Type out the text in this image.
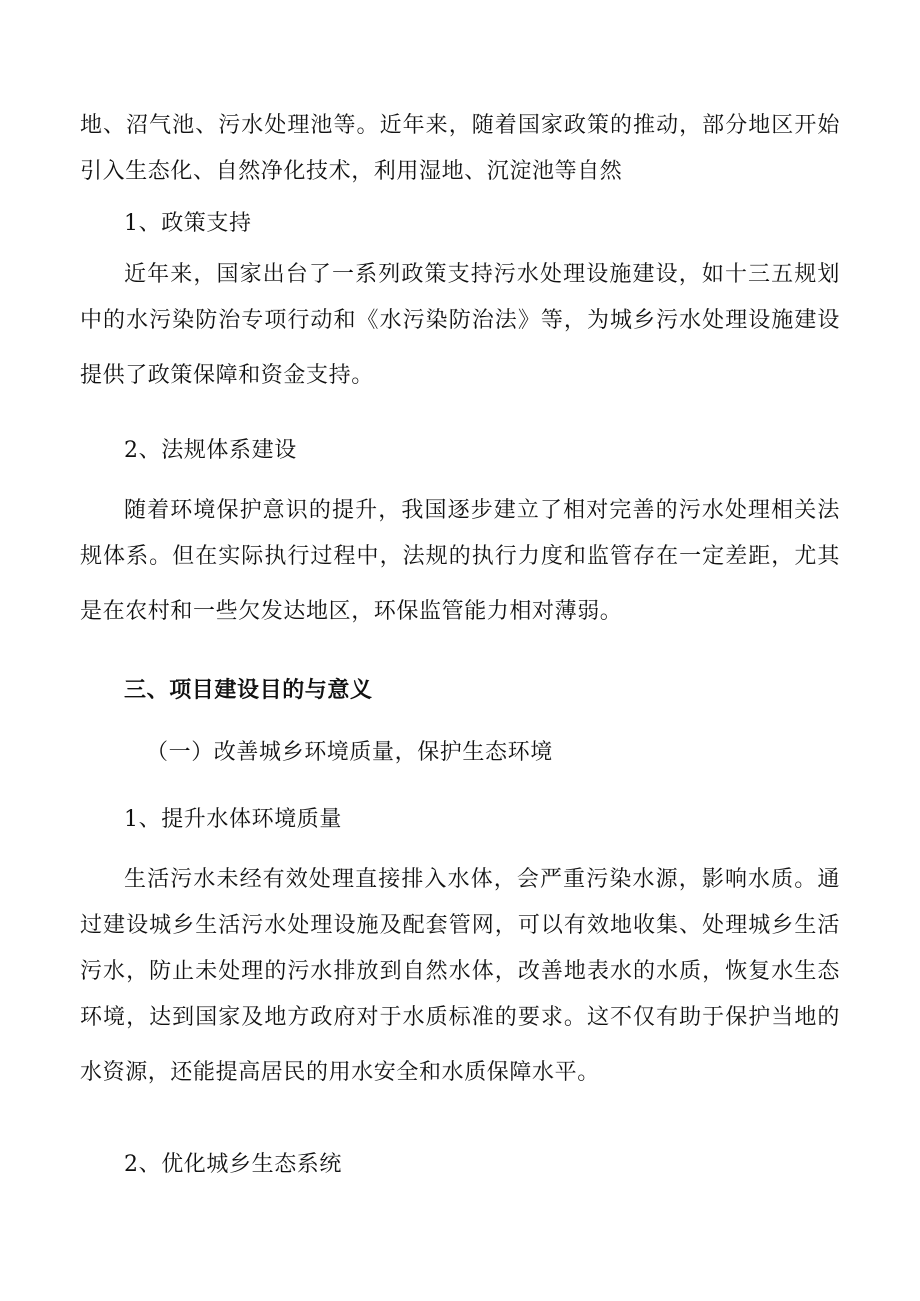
地、沼气池、污水处理池等。近年来，随着国家政策的推动，部分地区开始
引入生态化、自然净化技术，利用湿地、沉淀池等自然
1、政策支持
近年来，国家出台了一系列政策支持污水处理设施建设，如十三五规划
中的水污染防治专项行动和《水污染防治法》等，为城乡污水处理设施建设
提供了政策保障和资金支持。
2、法规体系建设
随着环境保护意识的提升，我国逐步建立了相对完善的污水处理相关法
规体系。但在实际执行过程中，法规的执行力度和监管存在一定差距，尤其
是在农村和一些欠发达地区，环保监管能力相对薄弱。
三、项目建设目的与意义
（一）改善城乡环境质量，保护生态环境
1、提升水体环境质量
生活污水未经有效处理直接排入水体，会严重污染水源，影响水质。通
过建设城乡生活污水处理设施及配套管网，可以有效地收集、处理城乡生活
污水，防止未处理的污水排放到自然水体，改善地表水的水质，恢复水生态
环境，达到国家及地方政府对于水质标准的要求。这不仅有助于保护当地的
水资源，还能提高居民的用水安全和水质保障水平。
2、优化城乡生态系统
